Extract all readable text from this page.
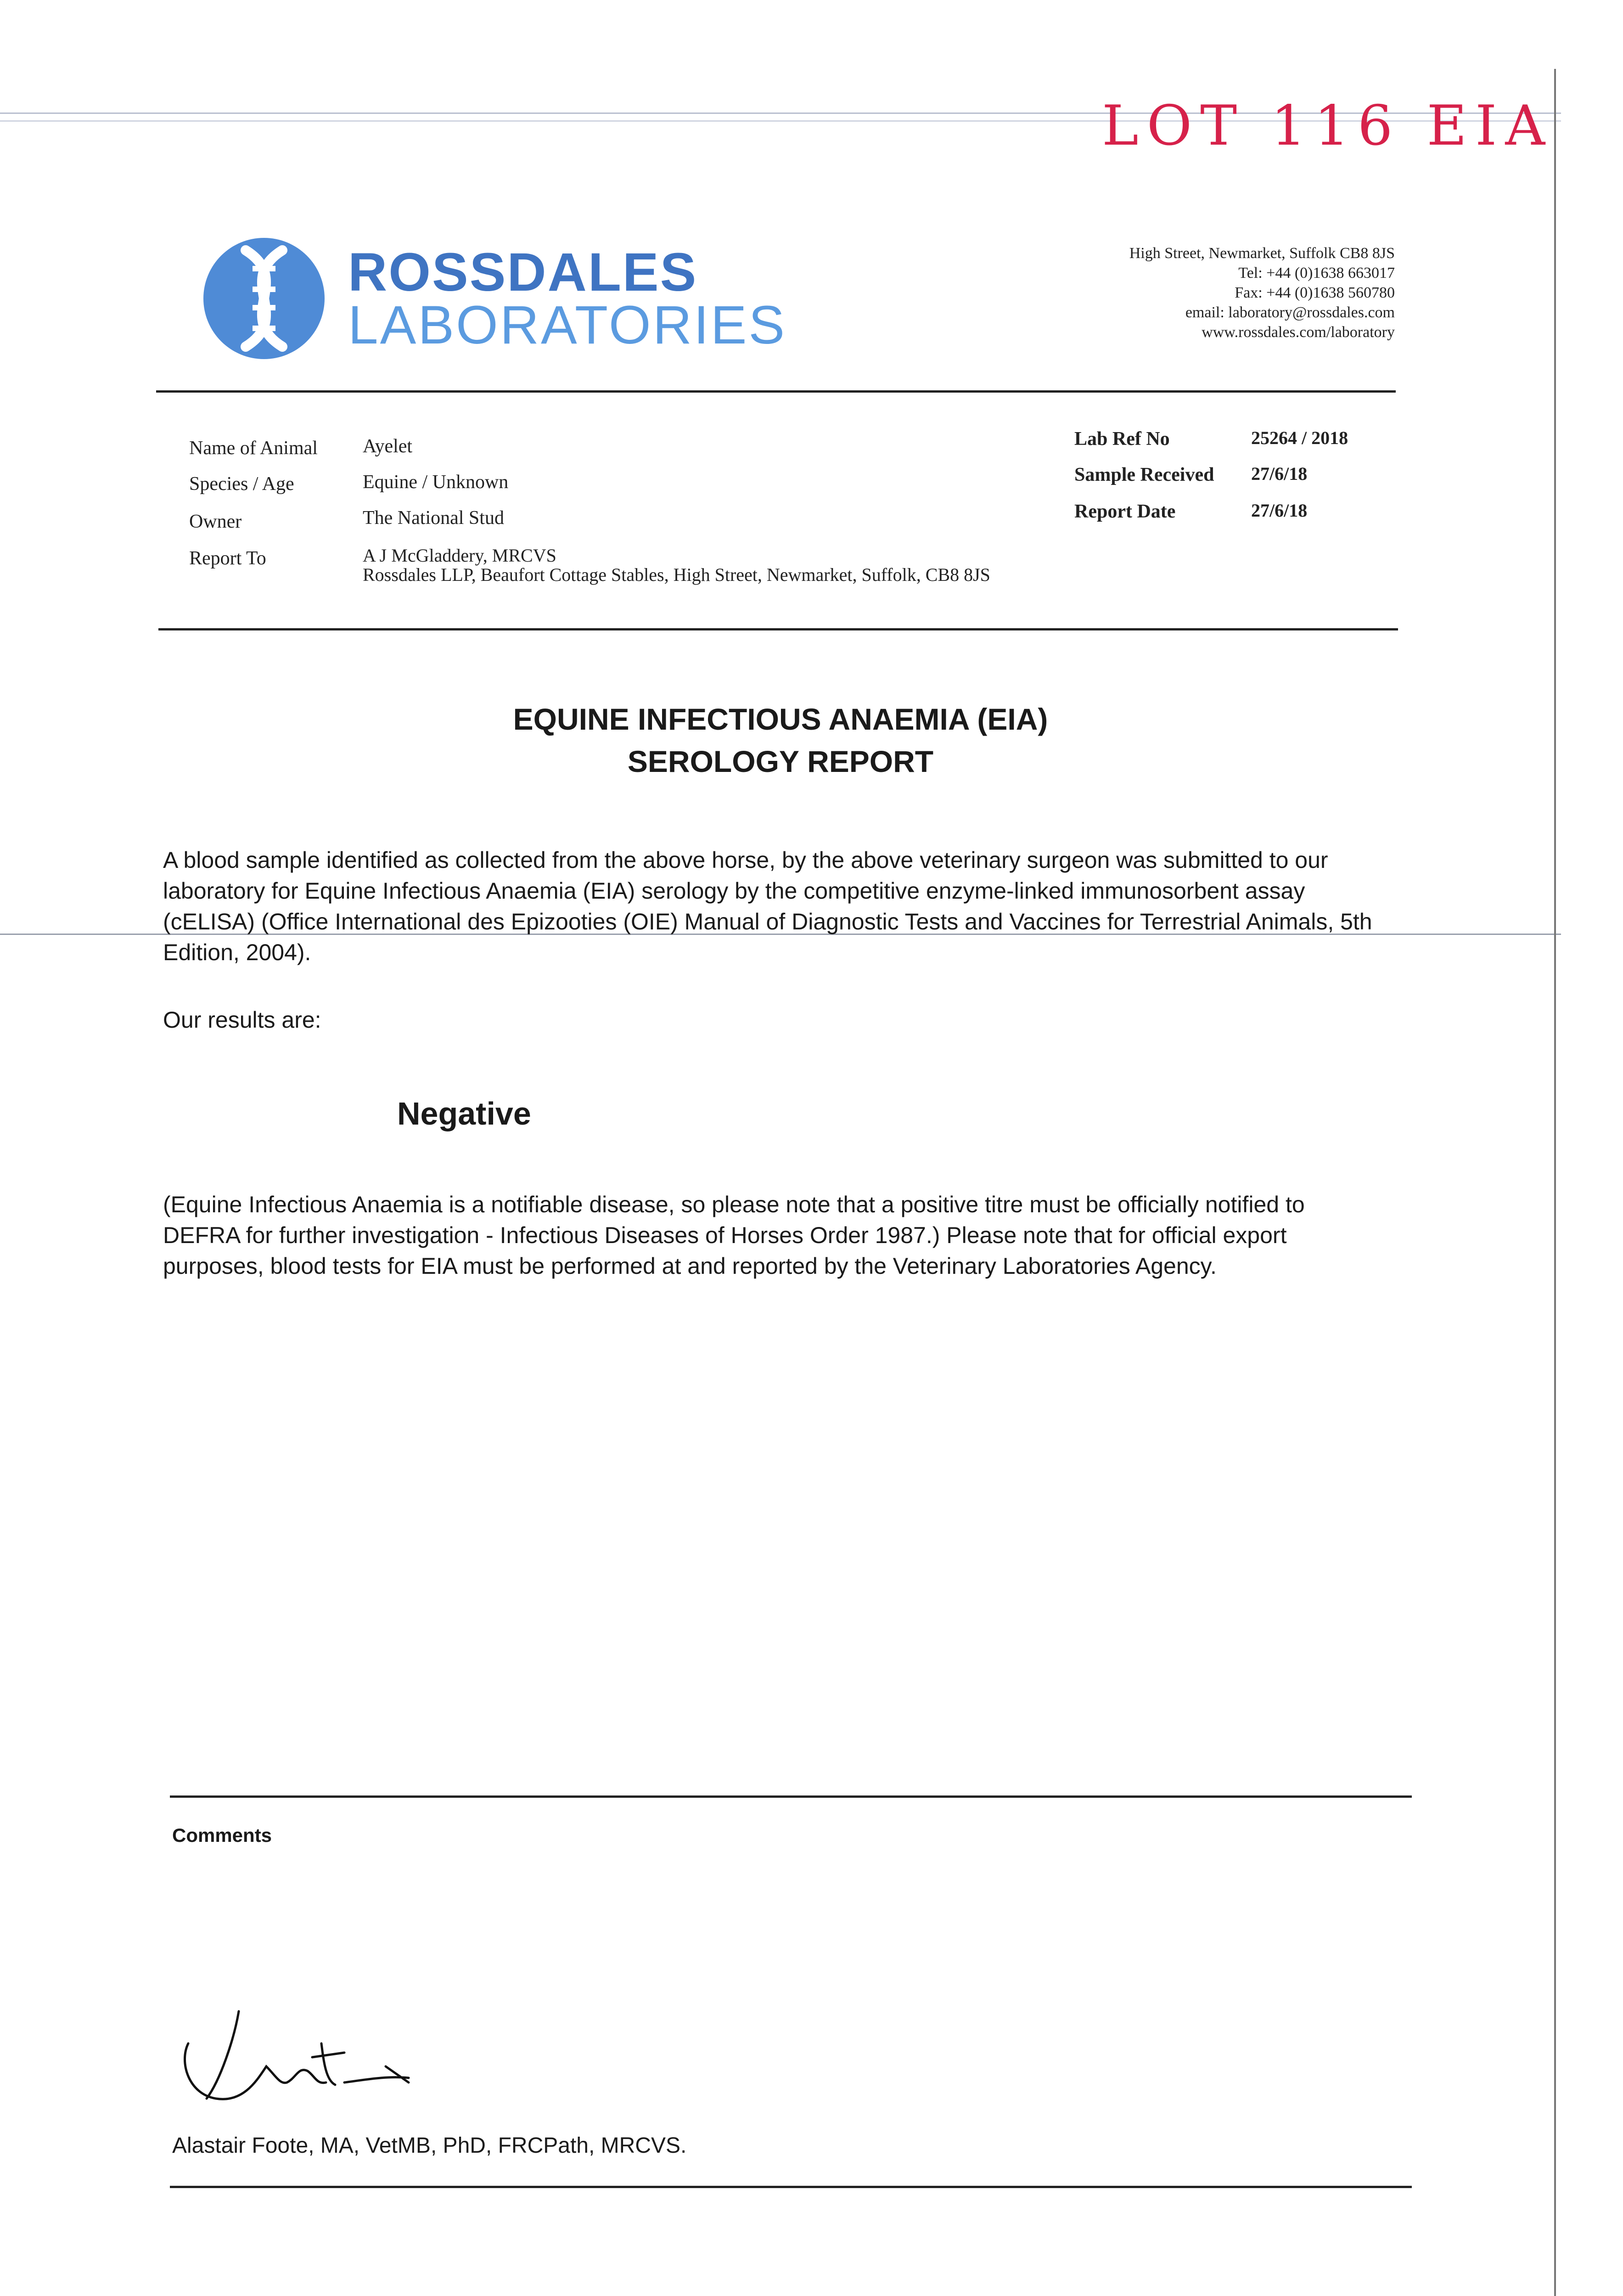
LOT 116 EIA
ROSSDALES
LABORATORIES
High Street, Newmarket, Suffolk CB8 8JS
Tel: +44 (0)1638 663017
Fax: +44 (0)1638 560780
email: laboratory@rossdales.com
www.rossdales.com/laboratory
Name of Animal Ayelet
Species / Age	Equine / Unknown
Owner	The National Stud
Report To	A J McGladdery, MRCVS
Rossdales LLP, Beaufort Cottage Stables, High Street, Newmarket, Suffolk, CB8 8JS
Lab Ref No	25264 / 2018
Sample Received 27/6/18
Report Date	27/6/18
EQUINE INFECTIOUS ANAEMIA (EIA)
SEROLOGY REPORT
A blood sample identified as collected from the above horse, by the above veterinary surgeon was submitted to our
laboratory for Equine Infectious Anaemia (EIA) serology by the competitive enzyme-linked immunosorbent assay
(cELISA) (Office International des Epizooties (OIE) Manual of Diagnostic Tests and Vaccines for Terrestrial Animals, 5th
Edition, 2004).
Our results are:
Negative
(Equine Infectious Anaemia is a notifiable disease, so please note that a positive titre must be officially notified to
DEFRA for further investigation - Infectious Diseases of Horses Order 1987.) Please note that for official export
purposes, blood tests for EIA must be performed at and reported by the Veterinary Laboratories Agency.
Comments
Alastair Foote, MA, VetMB, PhD, FRCPath, MRCVS.
